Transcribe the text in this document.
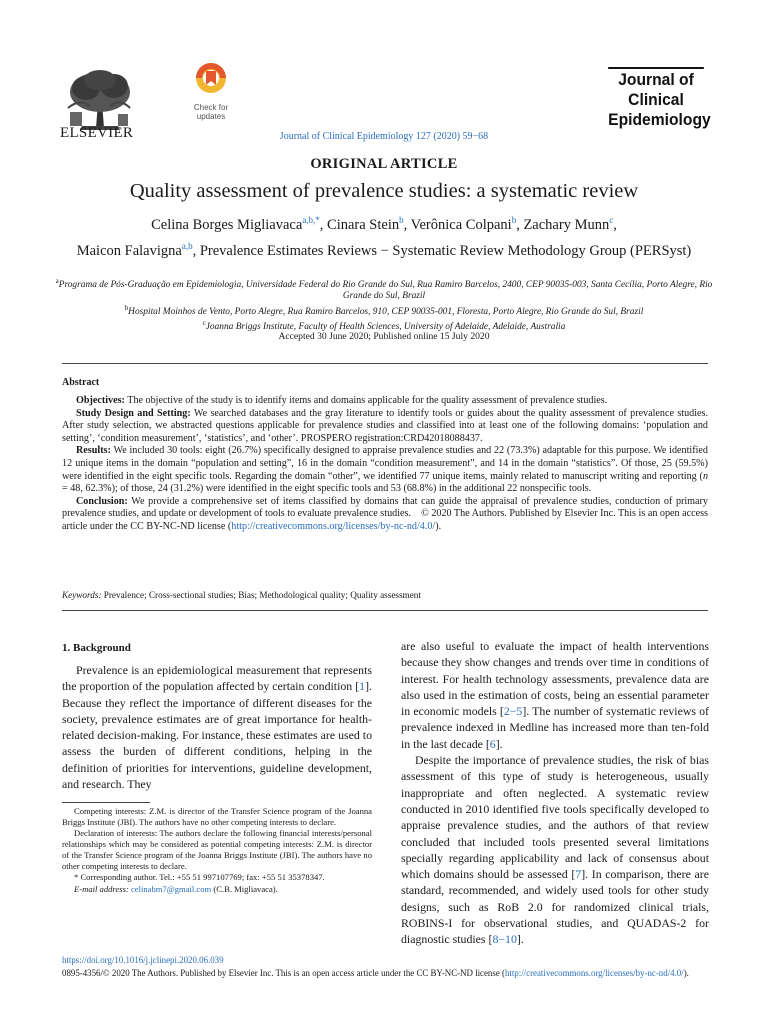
ELSEVIER
Check for
updates
Journal of Clinical Epidemiology 127 (2020) 59−68
Journal of
Clinical
Epidemiology
ORIGINAL ARTICLE
Quality assessment of prevalence studies: a systematic review
Celina Borges Migliavaca$^{a,b,*}$, Cinara Stein$^b$, Verônica Colpani$^b$, Zachary Munn$^c$,
Maicon Falavigna$^{a,b}$, Prevalence Estimates Reviews − Systematic Review Methodology Group (PERSyst)
$^a$Programa de Pós-Graduação em Epidemiologia, Universidade Federal do Rio Grande do Sul, Rua Ramiro Barcelos, 2400, CEP 90035-003, Santa Cecília, Porto Alegre, Rio Grande do Sul, Brazil
$^b$Hospital Moinhos de Vento, Porto Alegre, Rua Ramiro Barcelos, 910, CEP 90035-001, Floresta, Porto Alegre, Rio Grande do Sul, Brazil
$^c$Joanna Briggs Institute, Faculty of Health Sciences, University of Adelaide, Adelaide, Australia
Accepted 30 June 2020; Published online 15 July 2020
Abstract

Objectives: The objective of the study is to identify items and domains applicable for the quality assessment of prevalence studies.

Study Design and Setting: We searched databases and the gray literature to identify tools or guides about the quality assessment of prevalence studies. After study selection, we abstracted questions applicable for prevalence studies and classified into at least one of the following domains: ‘population and setting’, ‘condition measurement’, ‘statistics’, and ‘other’. PROSPERO registration:CRD42018088437.

Results: We included 30 tools: eight (26.7%) specifically designed to appraise prevalence studies and 22 (73.3%) adaptable for this purpose. We identified 12 unique items in the domain “population and setting”, 16 in the domain “condition measurement”, and 14 in the domain “statistics”. Of those, 25 (59.5%) were identified in the eight specific tools. Regarding the domain “other”, we identified 77 unique items, mainly related to manuscript writing and reporting (n = 48, 62.3%); of those, 24 (31.2%) were identified in the eight specific tools and 53 (68.8%) in the additional 22 nonspecific tools.

Conclusion: We provide a comprehensive set of items classified by domains that can guide the appraisal of prevalence studies, conduction of primary prevalence studies, and update or development of tools to evaluate prevalence studies. © 2020 The Authors. Published by Elsevier Inc. This is an open access article under the CC BY-NC-ND license (http://creativecommons.org/licenses/by-nc-nd/4.0/).

Keywords: Prevalence; Cross-sectional studies; Bias; Methodological quality; Quality assessment
1. Background

Prevalence is an epidemiological measurement that represents the proportion of the population affected by certain condition [1]. Because they reflect the importance of different diseases for the society, prevalence estimates are of great importance for health-related decision-making. For instance, these estimates are used to assess the burden of different conditions, helping in the definition of priorities for interventions, guideline development, and research. They

are also useful to evaluate the impact of health interventions because they show changes and trends over time in conditions of interest. For health technology assessments, prevalence data are also used in the estimation of costs, being an essential parameter in economic models [2−5]. The number of systematic reviews of prevalence indexed in Medline has increased more than ten-fold in the last decade [6].

Despite the importance of prevalence studies, the risk of bias assessment of this type of study is heterogeneous, usually inappropriate and often neglected. A systematic review conducted in 2010 identified five tools specifically developed to appraise prevalence studies, and the authors of that review concluded that included tools presented several limitations specially regarding applicability and lack of consensus about which domains should be assessed [7]. In comparison, there are standard, recommended, and widely used tools for other study designs, such as RoB 2.0 for randomized clinical trials, ROBINS-I for observational studies, and QUADAS-2 for diagnostic studies [8−10].

Competing interests: Z.M. is director of the Transfer Science program of the Joanna Briggs Institute (JBI). The authors have no other competing interests to declare.

Declaration of interests: The authors declare the following financial interests/personal relationships which may be considered as potential competing interests: Z.M. is director of the Transfer Science program of the Joanna Briggs Institute (JBI). The authors have no other competing interests to declare.

* Corresponding author. Tel.: +55 51 997107769; fax: +55 51 35378347.

E-mail address: celinabm7@gmail.com (C.B. Migliavaca).

https://doi.org/10.1016/j.jclinepi.2020.06.039
0895-4356/© 2020 The Authors. Published by Elsevier Inc. This is an open access article under the CC BY-NC-ND license (http://creativecommons.org/licenses/by-nc-nd/4.0/).
